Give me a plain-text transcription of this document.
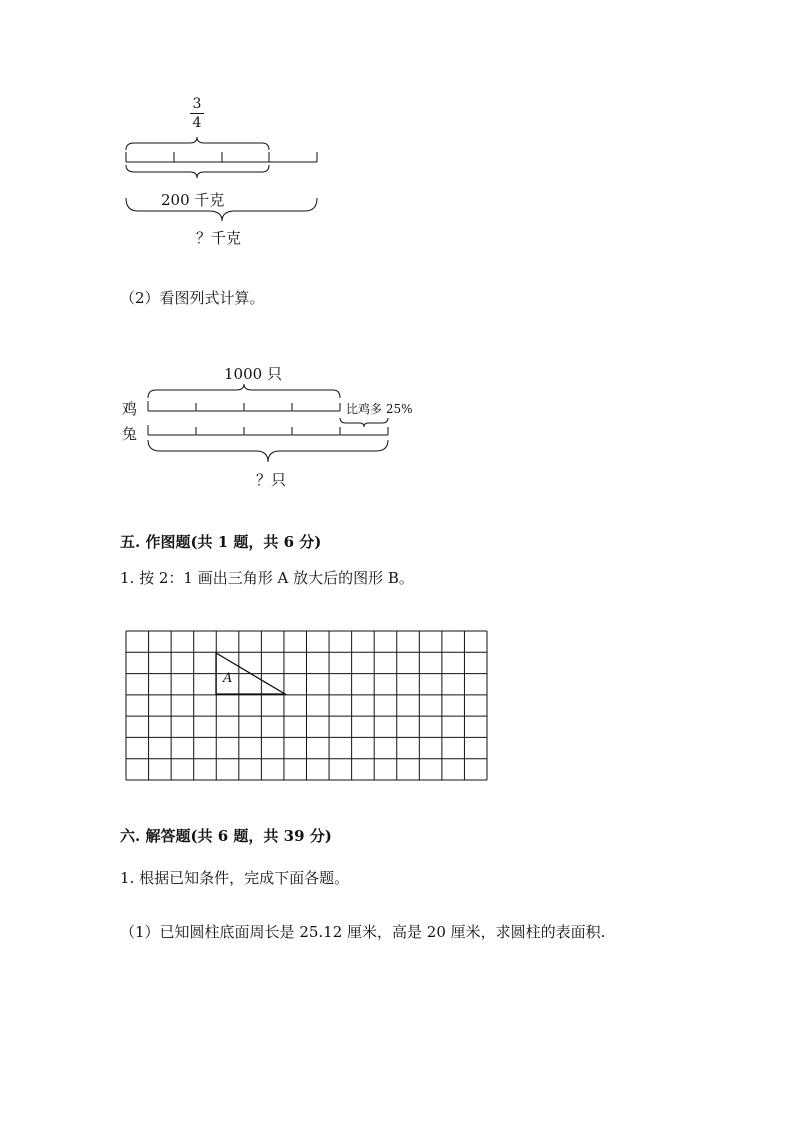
3
4
200 千克
？千克
（2）看图列式计算。
1000 只
鸡
兔
比鸡多 25%
？只
五. 作图题(共 1 题，共 6 分)
1. 按 2：1 画出三角形 A 放大后的图形 B。
A
六. 解答题(共 6 题，共 39 分)
1. 根据已知条件，完成下面各题。
（1）已知圆柱底面周长是 25.12 厘米，高是 20 厘米，求圆柱的表面积.
